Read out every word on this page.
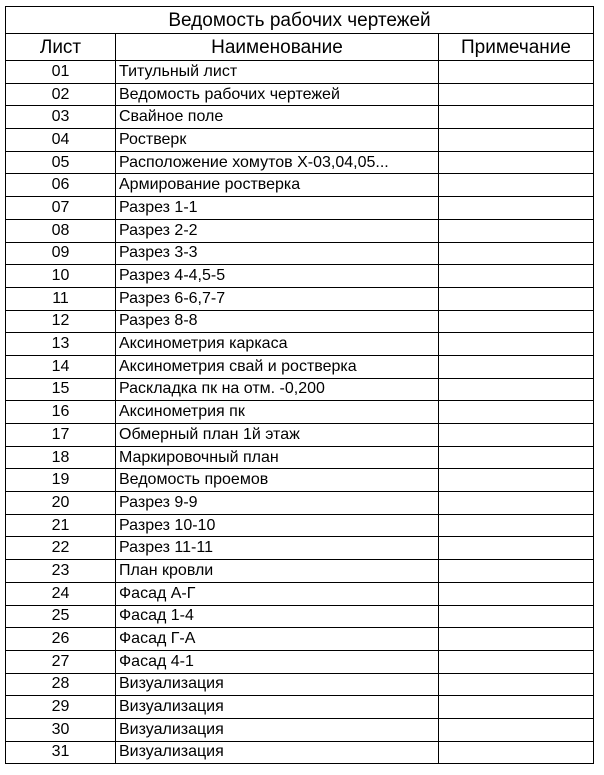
Ведомость рабочих чертежей		
Лист	Наименование	Примечание
01	Титульный лист	
02	Ведомость рабочих чертежей	
03	Свайное поле	
04	Ростверк	
05	Расположение хомутов Х-03,04,05...	
06	Армирование ростверка	
07	Разрез 1-1	
08	Разрез 2-2	
09	Разрез 3-3	
10	Разрез 4-4,5-5	
11	Разрез 6-6,7-7	
12	Разрез 8-8	
13	Аксинометрия каркаса	
14	Аксинометрия свай и ростверка	
15	Раскладка пк на отм. -0,200	
16	Аксинометрия пк	
17	Обмерный план 1й этаж	
18	Маркировочный план	
19	Ведомость проемов	
20	Разрез 9-9	
21	Разрез 10-10	
22	Разрез 11-11	
23	План кровли	
24	Фасад А-Г	
25	Фасад 1-4	
26	Фасад Г-А	
27	Фасад 4-1	
28	Визуализация	
29	Визуализация	
30	Визуализация	
31	Визуализация	
